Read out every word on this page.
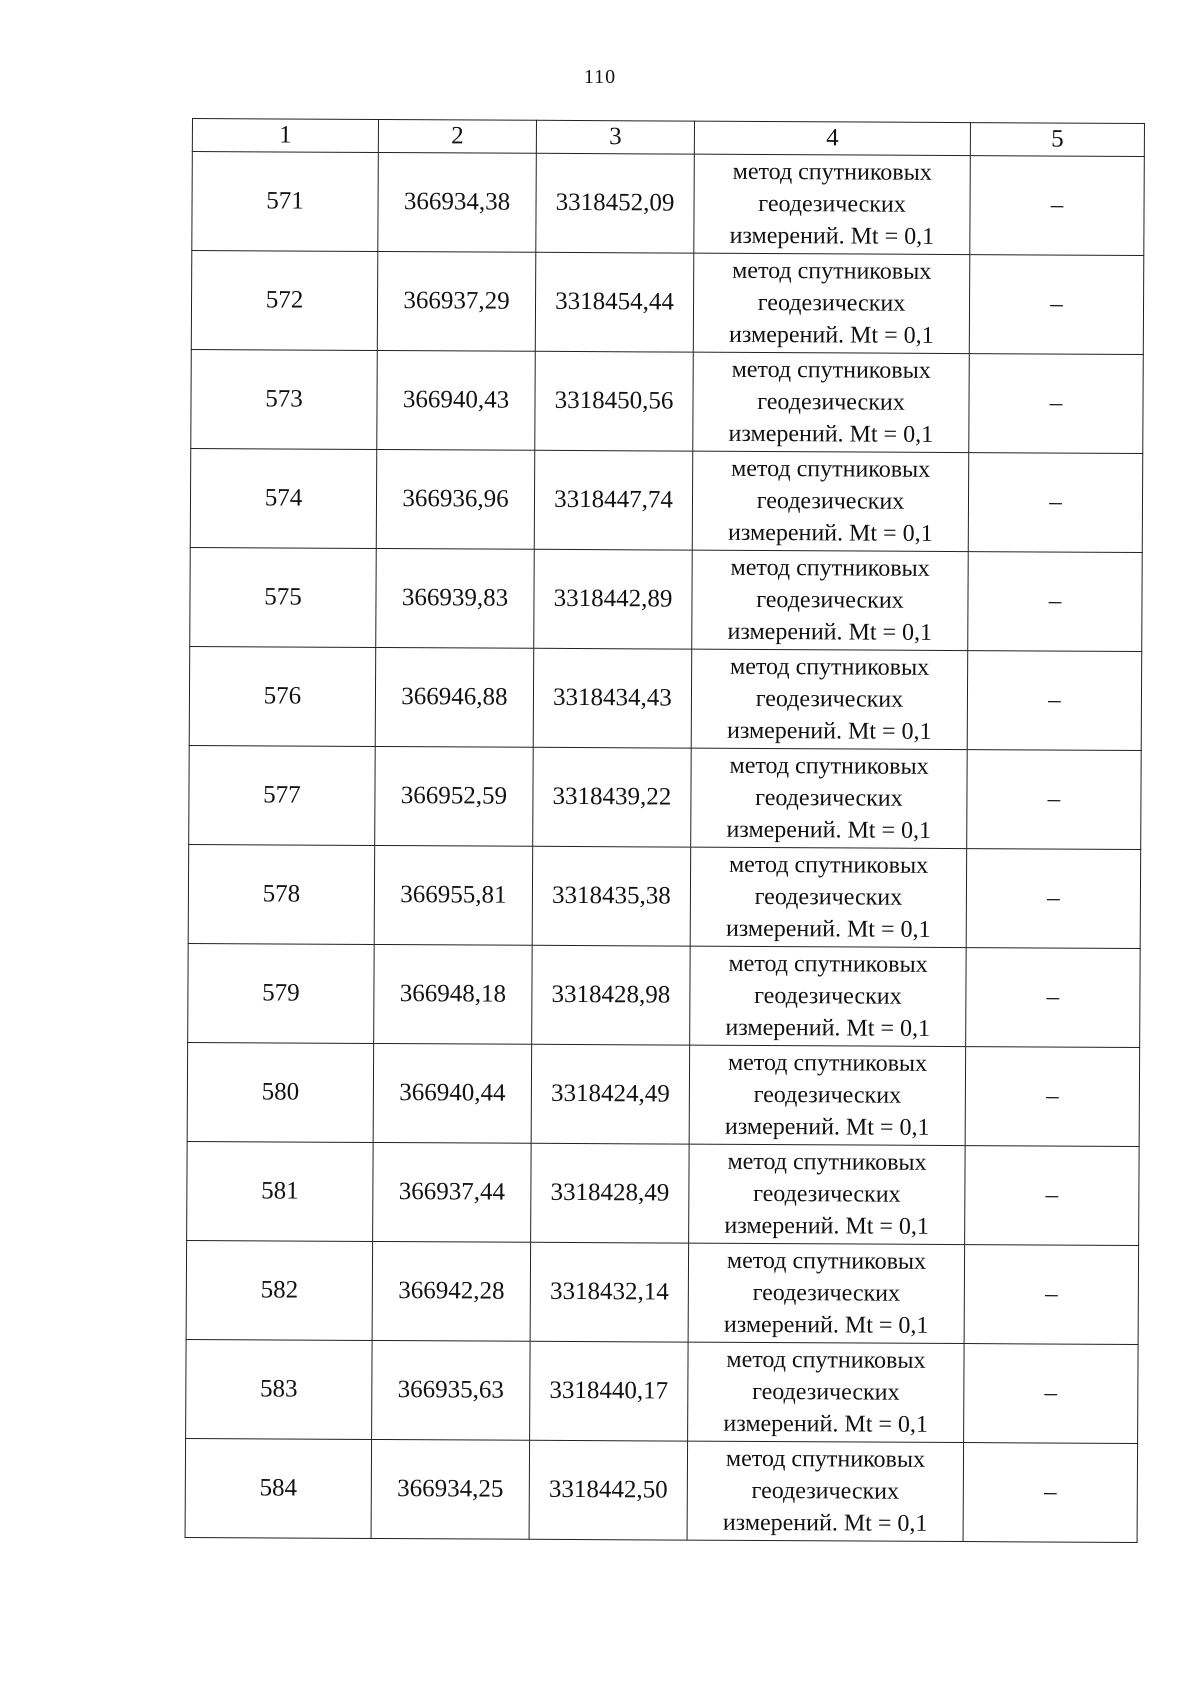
110
1	2	3	4	5
571	366934,38	3318452,09	метод спутниковых
геодезических
измерений. Mt = 0,1	–
572	366937,29	3318454,44	метод спутниковых
геодезических
измерений. Mt = 0,1	–
573	366940,43	3318450,56	метод спутниковых
геодезических
измерений. Mt = 0,1	–
574	366936,96	3318447,74	метод спутниковых
геодезических
измерений. Mt = 0,1	–
575	366939,83	3318442,89	метод спутниковых
геодезических
измерений. Mt = 0,1	–
576	366946,88	3318434,43	метод спутниковых
геодезических
измерений. Mt = 0,1	–
577	366952,59	3318439,22	метод спутниковых
геодезических
измерений. Mt = 0,1	–
578	366955,81	3318435,38	метод спутниковых
геодезических
измерений. Mt = 0,1	–
579	366948,18	3318428,98	метод спутниковых
геодезических
измерений. Mt = 0,1	–
580	366940,44	3318424,49	метод спутниковых
геодезических
измерений. Mt = 0,1	–
581	366937,44	3318428,49	метод спутниковых
геодезических
измерений. Mt = 0,1	–
582	366942,28	3318432,14	метод спутниковых
геодезических
измерений. Mt = 0,1	–
583	366935,63	3318440,17	метод спутниковых
геодезических
измерений. Mt = 0,1	–
584	366934,25	3318442,50	метод спутниковых
геодезических
измерений. Mt = 0,1	–
